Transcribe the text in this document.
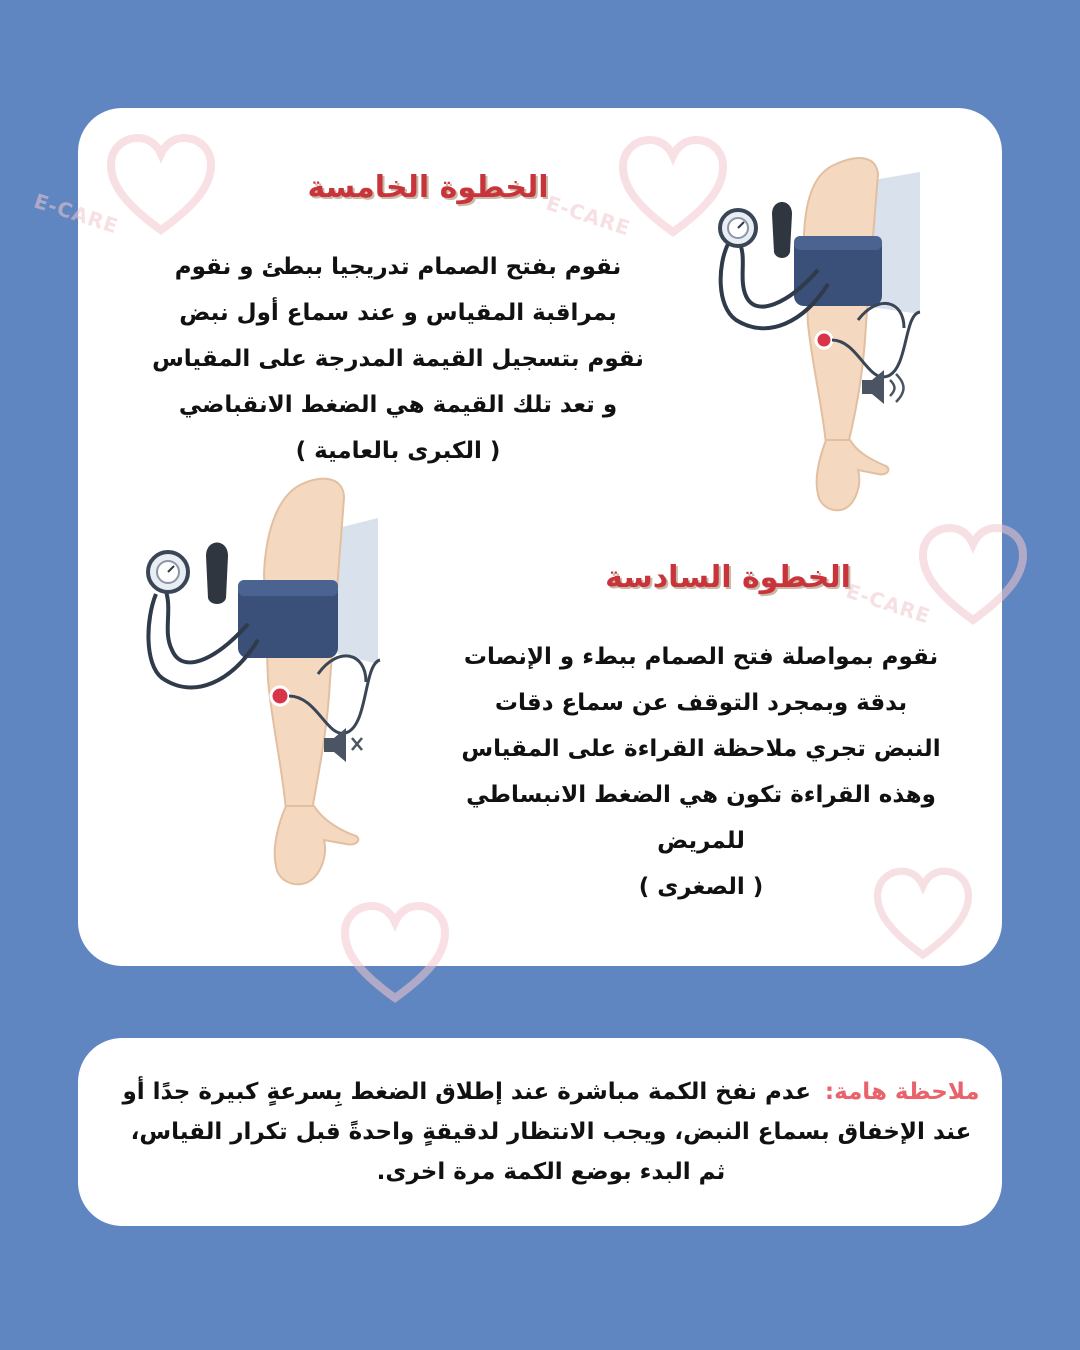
E-CARE	E-CARE
E-CARE
الخطوة الخامسة
نقوم بفتح الصمام تدريجيا ببطئ و نقوم
بمراقبة المقياس و عند سماع أول نبض
نقوم بتسجيل القيمة المدرجة على المقياس
و تعد تلك القيمة هي الضغط الانقباضي
( الكبرى بالعامية )
الخطوة السادسة
نقوم بمواصلة فتح الصمام ببطء و الإنصات
بدقة وبمجرد التوقف عن سماع دقات
النبض تجري ملاحظة القراءة على المقياس
وهذه القراءة تكون هي الضغط الانبساطي
للمريض
( الصغرى )
ملاحظة هامة: عدم نفخ الكمة مباشرة عند إطلاق الضغط بِسرعةٍ كبيرة جدًا أو عند الإخفاق بسماع النبض، ويجب الانتظار لدقيقةٍ واحدةً قبل تكرار القياس، ثم البدء بوضع الكمة مرة اخرى.
